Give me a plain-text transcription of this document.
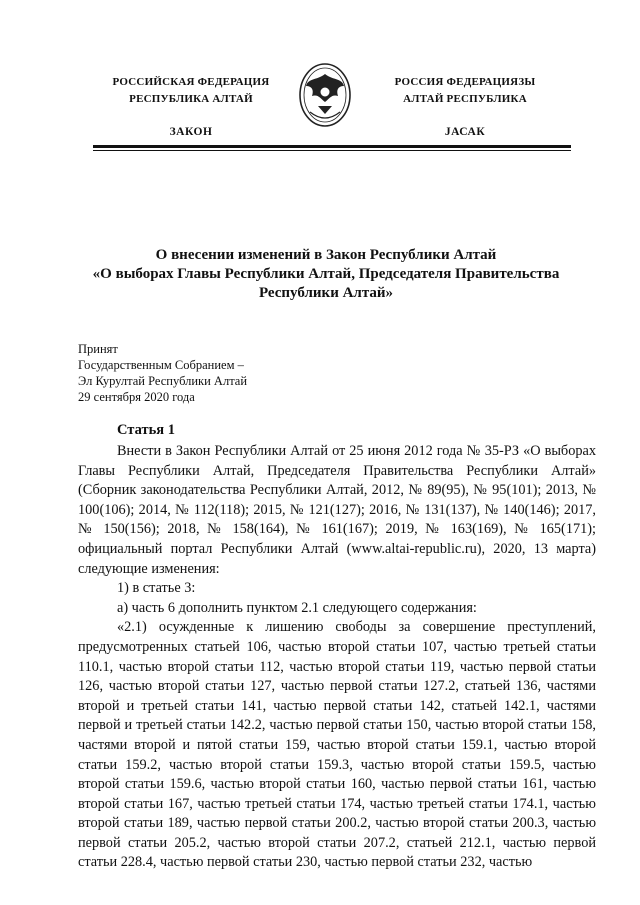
РОССИЙСКАЯ ФЕДЕРАЦИЯ
РЕСПУБЛИКА АЛТАЙ
ЗАКОН
РОССИЯ ФЕДЕРАЦИЯЗЫ
АЛТАЙ РЕСПУБЛИКА
ЈАСАК
О внесении изменений в Закон Республики Алтай
«О выборах Главы Республики Алтай, Председателя Правительства
Республики Алтай»
Принят
Государственным Собранием –
Эл Курултай Республики Алтай
29 сентября 2020 года
Статья 1

Внести в Закон Республики Алтай от 25 июня 2012 года № 35-РЗ «О выборах Главы Республики Алтай, Председателя Правительства Республики Алтай» (Сборник законодательства Республики Алтай, 2012, № 89(95), № 95(101); 2013, № 100(106); 2014, № 112(118); 2015, № 121(127); 2016, № 131(137), № 140(146); 2017, № 150(156); 2018, № 158(164), № 161(167); 2019, № 163(169), № 165(171); официальный портал Республики Алтай (www.altai-republic.ru), 2020, 13 марта) следующие изменения:

1) в статье 3:

а) часть 6 дополнить пунктом 2.1 следующего содержания:

«2.1) осужденные к лишению свободы за совершение преступлений, предусмотренных статьей 106, частью второй статьи 107, частью третьей статьи 110.1, частью второй статьи 112, частью второй статьи 119, частью первой статьи 126, частью второй статьи 127, частью первой статьи 127.2, статьей 136, частями второй и третьей статьи 141, частью первой статьи 142, статьей 142.1, частями первой и третьей статьи 142.2, частью первой статьи 150, частью второй статьи 158, частями второй и пятой статьи 159, частью второй статьи 159.1, частью второй статьи 159.2, частью второй статьи 159.3, частью второй статьи 159.5, частью второй статьи 159.6, частью второй статьи 160, частью первой статьи 161, частью второй статьи 167, частью третьей статьи 174, частью третьей статьи 174.1, частью второй статьи 189, частью первой статьи 200.2, частью второй статьи 200.3, частью первой статьи 205.2, частью второй статьи 207.2, статьей 212.1, частью первой статьи 228.4, частью первой статьи 230, частью первой статьи 232, частью
